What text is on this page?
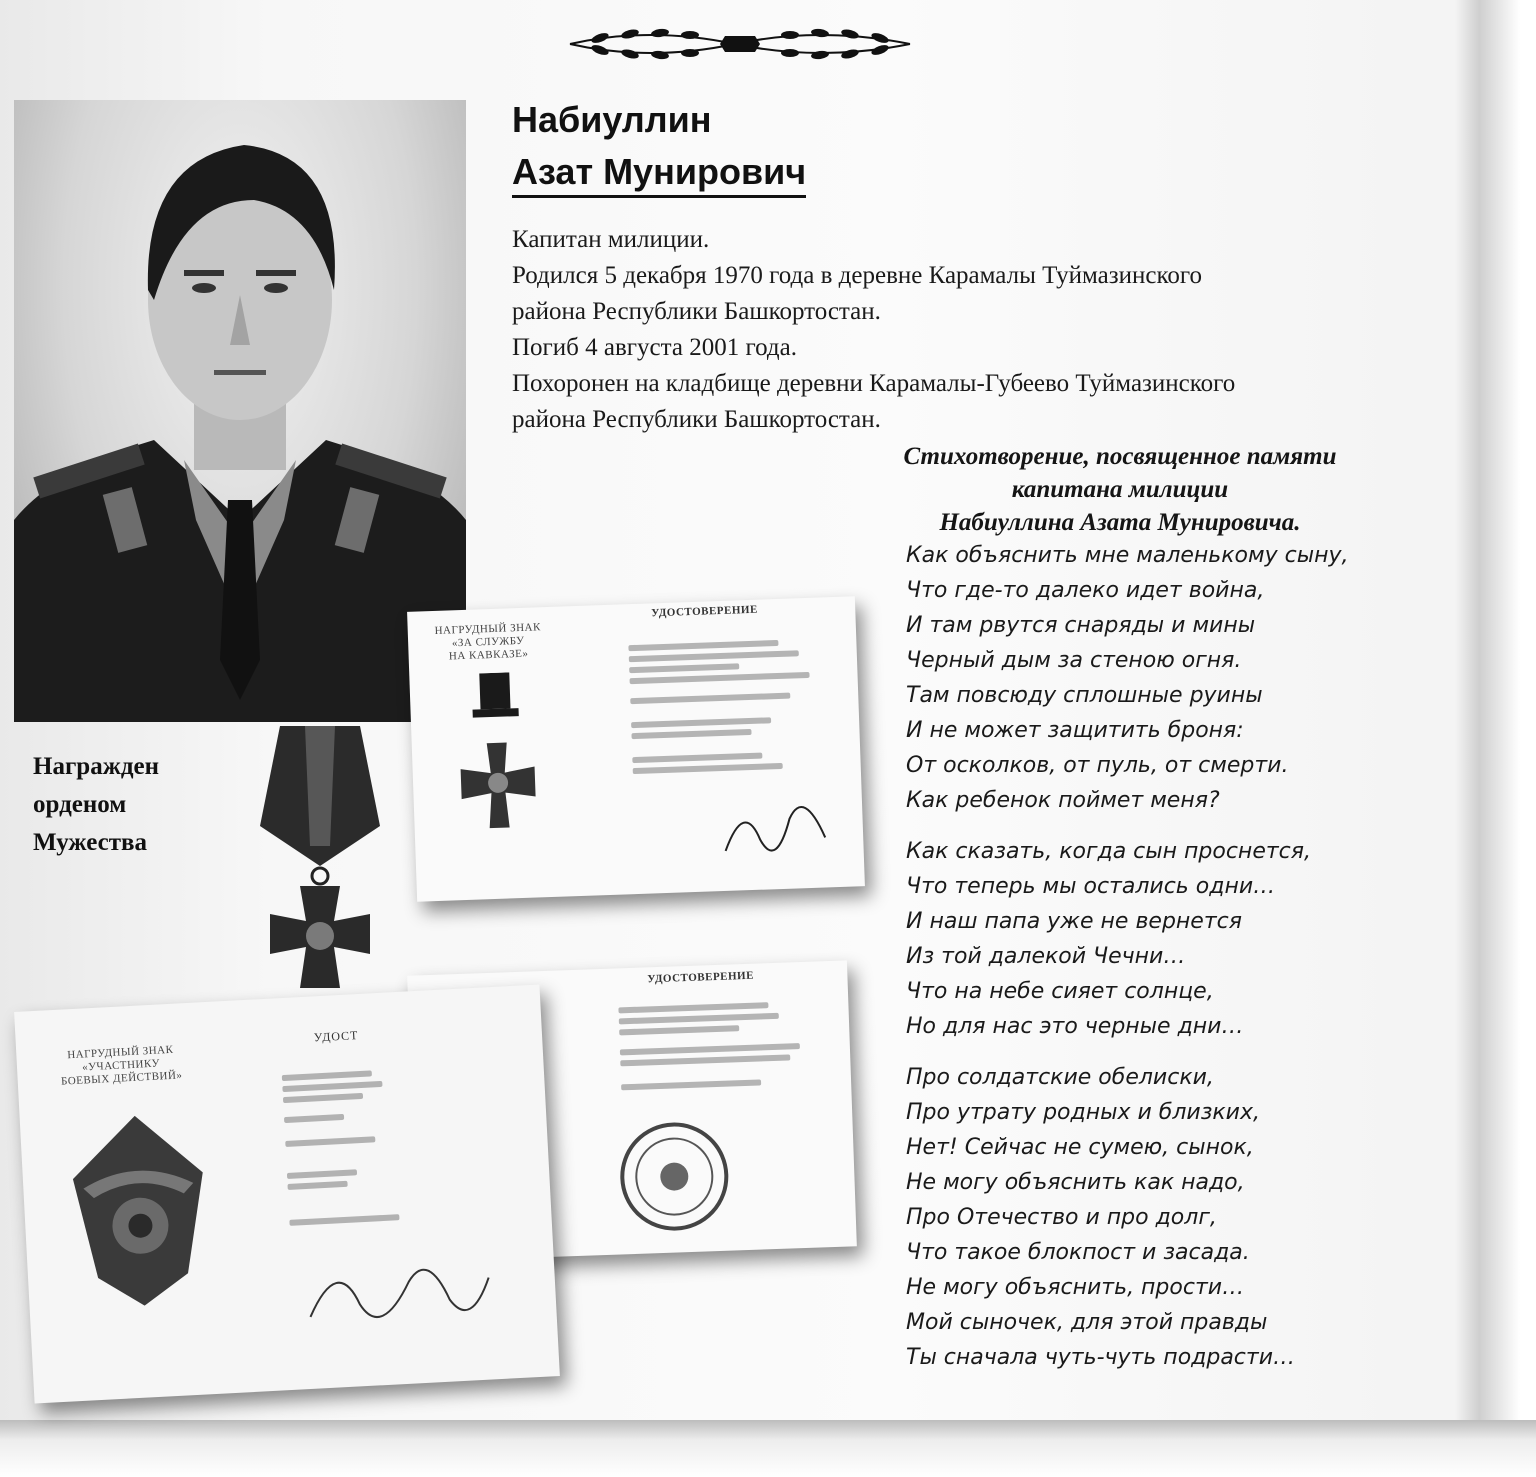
Набиуллин
Азат Мунирович
Капитан милиции.
Родился 5 декабря 1970 года в деревне Карамалы Туймазинского
района Республики Башкортостан.
Погиб 4 августа 2001 года.
Похоронен на кладбище деревни Карамалы-Губеево Туймазинского
района Республики Башкортостан.
Награжден
орденом
Мужества
НАГРУДНЫЙ ЗНАК
«ЗА СЛУЖБУ
НА КАВКАЗЕ»
УДОСТОВЕРЕНИЕ
УДОСТОВЕРЕНИЕ
НАГРУДНЫЙ ЗНАК
«УЧАСТНИКУ
БОЕВЫХ ДЕЙСТВИЙ»
УДОСТ
Стихотворение, посвященное памяти
капитана милиции
Набиуллина Азата Мунировича.
Как объяснить мне маленькому сыну,
Что где-то далеко идет война,
И там рвутся снаряды и мины
Черный дым за стеною огня.
Там повсюду сплошные руины
И не может защитить броня:
От осколков, от пуль, от смерти.
Как ребенок поймет меня?
Как сказать, когда сын проснется,
Что теперь мы остались одни…
И наш папа уже не вернется
Из той далекой Чечни…
Что на небе сияет солнце,
Но для нас это черные дни…
Про солдатские обелиски,
Про утрату родных и близких,
Нет! Сейчас не сумею, сынок,
Не могу объяснить как надо,
Про Отечество и про долг,
Что такое блокпост и засада.
Не могу объяснить, прости…
Мой сыночек, для этой правды
Ты сначала чуть-чуть подрасти…
